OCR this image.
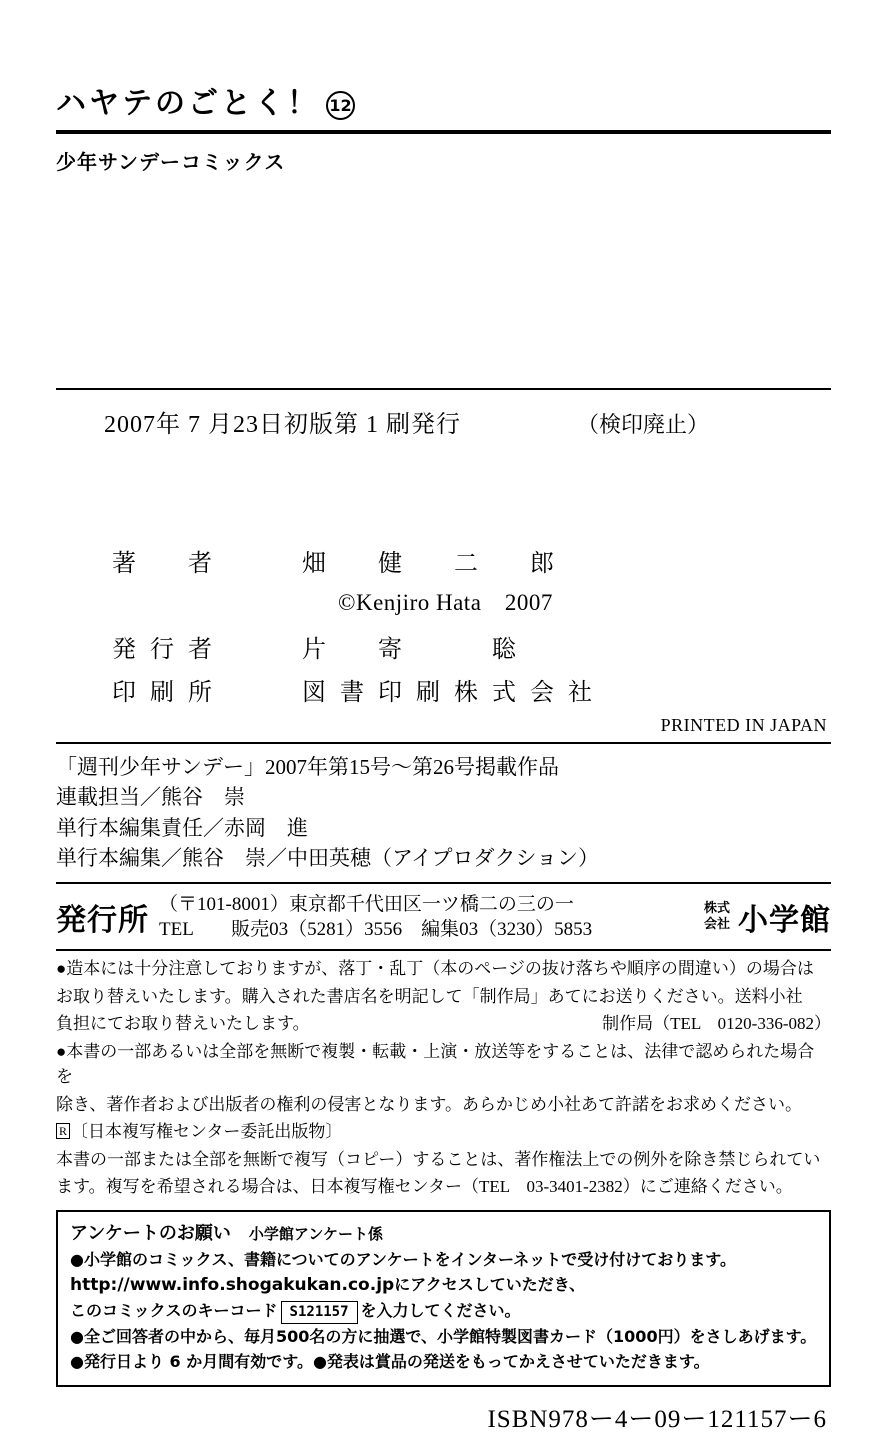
ハヤテのごとく！ 12
少年サンデーコミックス
2007年 7 月23日初版第 1 刷発行	（検印廃止）
著　者	畑　健　二　郎
©Kenjiro Hata　2007
発行者	片　寄　　聡
印刷所	図書印刷株式会社
PRINTED IN JAPAN
「週刊少年サンデー」2007年第15号〜第26号掲載作品
連載担当／熊谷　崇
単行本編集責任／赤岡　進
単行本編集／熊谷　崇／中田英穂（アイプロダクション）
発行所 （〒101-8001）東京都千代田区一ツ橋二の三の一
TEL　　販売03（5281）3556　編集03（3230）5853
株式
会社 小学館

●造本には十分注意しておりますが、落丁・乱丁（本のページの抜け落ちや順序の間違い）の場合は

お取り替えいたします。購入された書店名を明記して「制作局」あてにお送りください。送料小社

負担にてお取り替えいたします。	制作局（TEL　0120-336-082）

●本書の一部あるいは全部を無断で複製・転載・上演・放送等をすることは、法律で認められた場合を

除き、著作者および出版者の権利の侵害となります。あらかじめ小社あて許諾をお求めください。

R 〔日本複写権センター委託出版物〕

本書の一部または全部を無断で複写（コピー）することは、著作権法上での例外を除き禁じられてい

ます。複写を希望される場合は、日本複写権センター（TEL　03-3401-2382）にご連絡ください。

アンケートのお願い 小学館アンケート係

●小学館のコミックス、書籍についてのアンケートをインターネットで受け付けております。

http://www.info.shogakukan.co.jpにアクセスしていただき、

このコミックスのキーコード S121157 を入力してください。

●全ご回答者の中から、毎月500名の方に抽選で、小学館特製図書カード（1000円）をさしあげます。

●発行日より 6 か月間有効です。●発表は賞品の発送をもってかえさせていただきます。

ISBN978ー4ー09ー121157ー6
